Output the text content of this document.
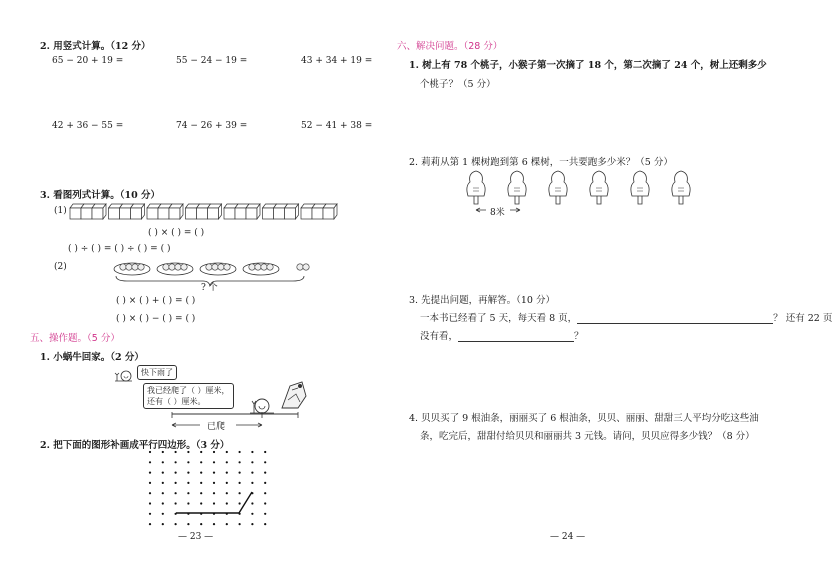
2. 用竖式计算。（12 分）
65 − 20 + 19 =	55 − 24 − 19 =	43 + 34 + 19 =
42 + 36 − 55 =	74 − 26 + 39 =	52 − 41 + 38 =
3. 看图列式计算。（10 分）
(1)
( ) × ( ) = ( )
( ) ÷ ( ) = ( ) ÷ ( ) = ( )
(2)
? 个
( ) × ( ) + ( ) = ( )
( ) × ( ) − ( ) = ( )
五、操作题。（5 分）
1. 小蜗牛回家。（2 分）
快下雨了
我已经爬了（ ）厘米，
还有（ ）厘米。
已爬
2. 把下面的图形补画成平行四边形。（3 分）
— 23 —
六、解决问题。（28 分）
1. 树上有 78 个桃子，小猴子第一次摘了 18 个，第二次摘了 24 个，树上还剩多少
个桃子？（5 分）
2. 莉莉从第 1 棵树跑到第 6 棵树，一共要跑多少米？（5 分）
8米
3. 先提出问题，再解答。（10 分）
一本书已经看了 5 天，每天看 8 页，	？ 还有 22 页
没有看，	？
4. 贝贝买了 9 根油条，丽丽买了 6 根油条，贝贝、丽丽、甜甜三人平均分吃这些油
条，吃完后，甜甜付给贝贝和丽丽共 3 元钱。请问，贝贝应得多少钱？（8 分）
— 24 —
